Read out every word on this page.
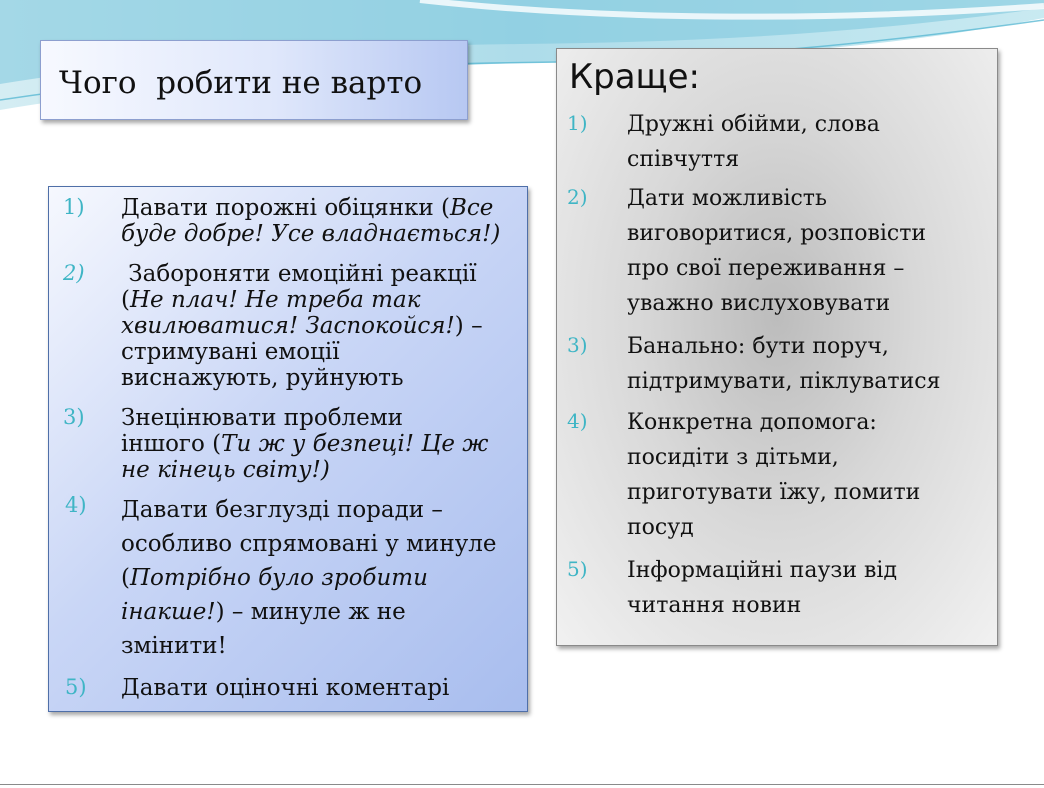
Чого  робити не варто
1) Давати порожні обіцянки (Все
буде добре! Усе владнається!)
2) Забороняти емоційні реакції
(Не плач! Не треба так
хвилюватися! Заспокойся!) –
стримувані емоції
виснажують, руйнують
3) Знецінювати проблеми
іншого (Ти ж у безпеці! Це ж
не кінець світу!)
4) Давати безглузді поради –
особливо спрямовані у минуле
(Потрібно було зробити
інакше!) – минуле ж не
змінити!
5) Давати оціночні коментарі
Краще:
1) Дружні обійми, слова
співчуття
2) Дати можливість
виговоритися, розповісти
про свої переживання –
уважно вислуховувати
3) Банально: бути поруч,
підтримувати, піклуватися
4) Конкретна допомога:
посидіти з дітьми,
приготувати їжу, помити
посуд
5) Інформаційні паузи від
читання новин
